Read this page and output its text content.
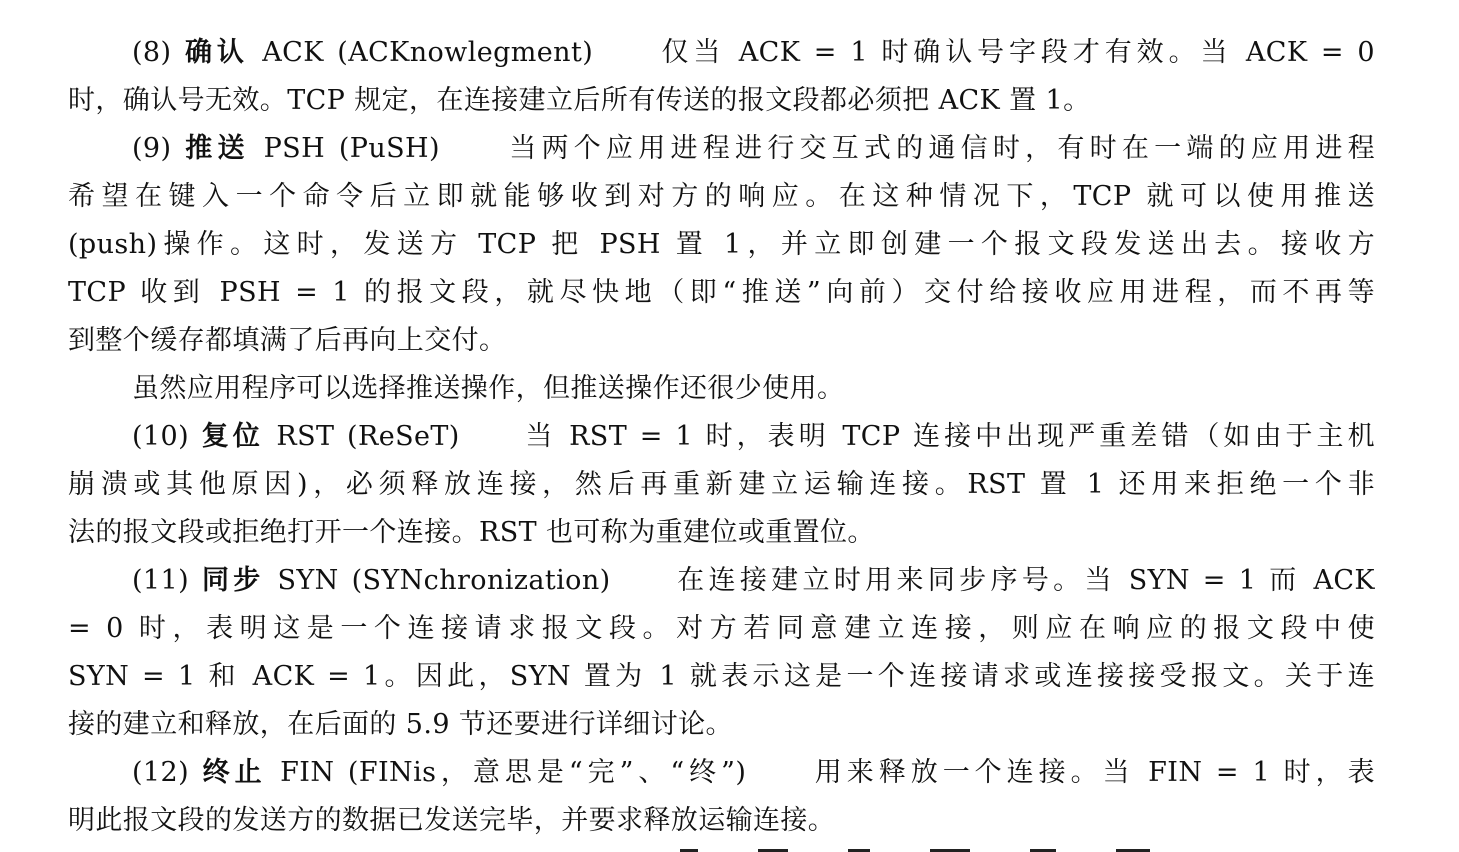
(8) 确认 ACK (ACKnowlegment)　　仅当 ACK = 1 时确认号字段才有效。当 ACK = 0
时，确认号无效。TCP 规定，在连接建立后所有传送的报文段都必须把 ACK 置 1。
(9) 推送 PSH (PuSH)　　当两个应用进程进行交互式的通信时，有时在一端的应用进程
希望在键入一个命令后立即就能够收到对方的响应。在这种情况下，TCP 就可以使用推送
(push)操作。这时，发送方 TCP 把 PSH 置 1，并立即创建一个报文段发送出去。接收方
TCP 收到 PSH = 1 的报文段，就尽快地（即“推送”向前）交付给接收应用进程，而不再等
到整个缓存都填满了后再向上交付。
虽然应用程序可以选择推送操作，但推送操作还很少使用。
(10) 复位 RST (ReSeT)　　当 RST = 1 时，表明 TCP 连接中出现严重差错（如由于主机
崩溃或其他原因)，必须释放连接，然后再重新建立运输连接。RST 置 1 还用来拒绝一个非
法的报文段或拒绝打开一个连接。RST 也可称为重建位或重置位。
(11) 同步 SYN (SYNchronization)　　在连接建立时用来同步序号。当 SYN = 1 而 ACK
= 0 时，表明这是一个连接请求报文段。对方若同意建立连接，则应在响应的报文段中使
SYN = 1 和 ACK = 1。因此，SYN 置为 1 就表示这是一个连接请求或连接接受报文。关于连
接的建立和释放，在后面的 5.9 节还要进行详细讨论。
(12) 终止 FIN (FINis，意思是“完”、“终”)　　用来释放一个连接。当 FIN = 1 时，表
明此报文段的发送方的数据已发送完毕，并要求释放运输连接。
